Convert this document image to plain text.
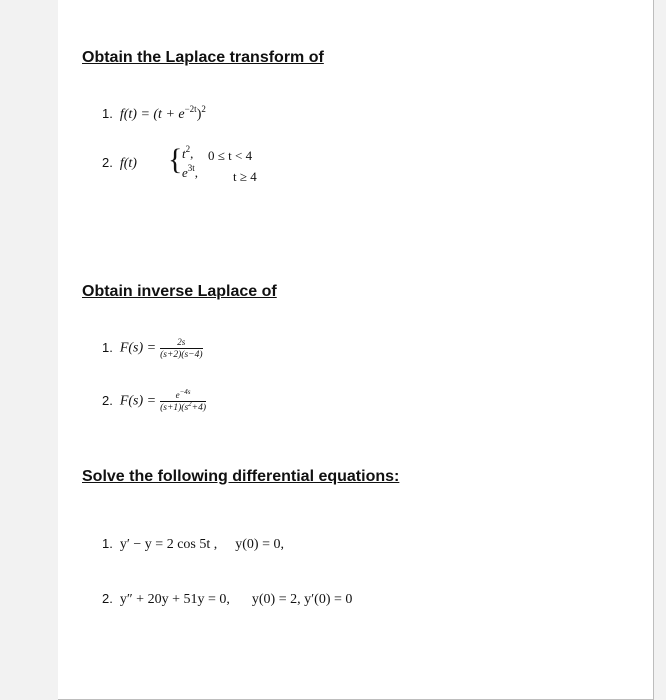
Obtain the Laplace transform of
1. $f(t) = (t + e^{-2t})^2$
2. f(t) { $t^2$,
$e^{3t}$,
0 ≤ t < 4
t ≥ 4
Obtain inverse Laplace of
1. $F(s) = \frac{2s}{(s+2)(s-4)}$
2. $F(s) = \frac{e^{-4s}}{(s+1)(s^2+4)}$
Solve the following differential equations:
1. y′ − y = 2 cos 5t , y(0) = 0,
2. y″ + 20y + 51y = 0, y(0) = 2, y′(0) = 0
